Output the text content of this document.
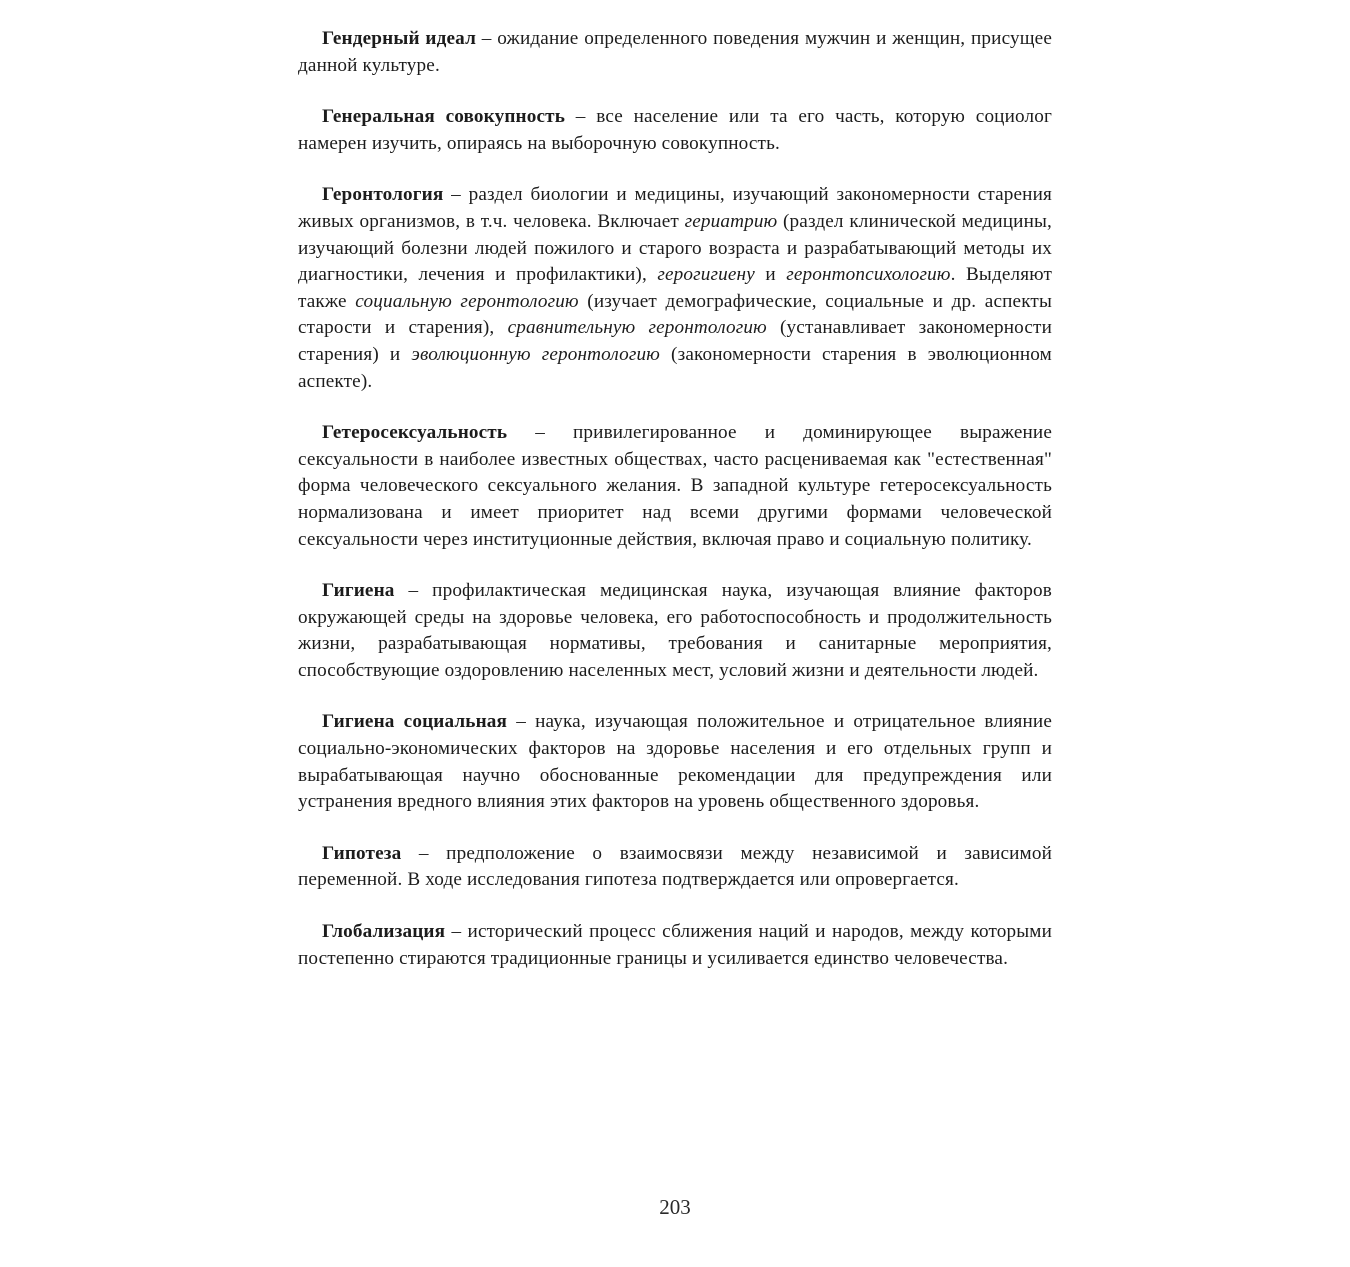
Гендерный идеал – ожидание определенного поведения мужчин и женщин, присущее данной культуре.

Генеральная совокупность – все население или та его часть, которую социолог намерен изучить, опираясь на выборочную совокупность.

Геронтология – раздел биологии и медицины, изучающий закономерности старения живых организмов, в т.ч. человека. Включает гериатрию (раздел клинической медицины, изучающий болезни людей пожилого и старого возраста и разрабатывающий методы их диагностики, лечения и профилактики), герогигиену и геронтопсихологию. Выделяют также социальную геронтологию (изучает демографические, социальные и др. аспекты старости и старения), сравнительную геронтологию (устанавливает закономерности старения) и эволюционную геронтологию (закономерности старения в эволюционном аспекте).

Гетеросексуальность – привилегированное и доминирующее выражение сексуальности в наиболее известных обществах, часто расцениваемая как "естественная" форма человеческого сексуального желания. В западной культуре гетеросексуальность нормализована и имеет приоритет над всеми другими формами человеческой сексуальности через институционные действия, включая право и социальную политику.

Гигиена – профилактическая медицинская наука, изучающая влияние факторов окружающей среды на здоровье человека, его работоспособность и продолжительность жизни, разрабатывающая нормативы, требования и санитарные мероприятия, способствующие оздоровлению населенных мест, условий жизни и деятельности людей.

Гигиена социальная – наука, изучающая положительное и отрицательное влияние социально-экономических факторов на здоровье населения и его отдельных групп и вырабатывающая научно обоснованные рекомендации для предупреждения или устранения вредного влияния этих факторов на уровень общественного здоровья.

Гипотеза – предположение о взаимосвязи между независимой и зависимой переменной. В ходе исследования гипотеза подтверждается или опровергается.

Глобализация – исторический процесс сближения наций и народов, между которыми постепенно стираются традиционные границы и усиливается единство человечества.

203
